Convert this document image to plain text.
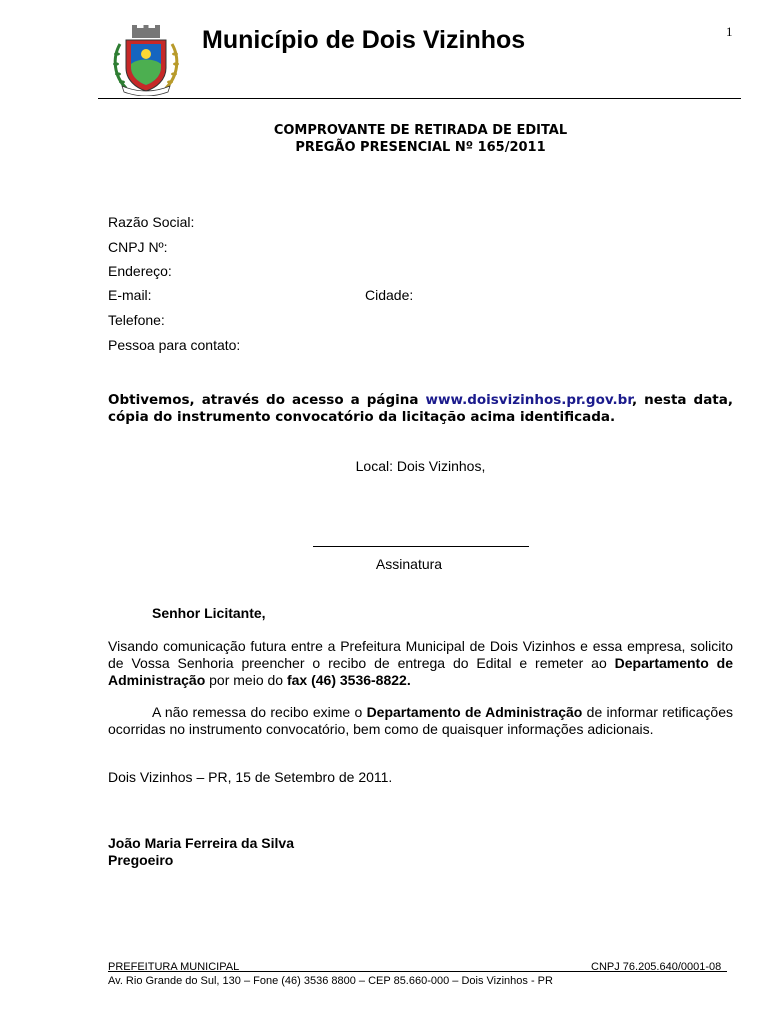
1
Município de Dois Vizinhos
COMPROVANTE DE RETIRADA DE EDITAL
PREGÃO PRESENCIAL Nº 165/2011
Razão Social:
CNPJ Nº:
Endereço:
E-mail:	Cidade:
Telefone:
Pessoa para contato:
Obtivemos, através do acesso a página www.doisvizinhos.pr.gov.br, nesta data, cópia do instrumento convocatório da licitação acima identificada.
Local: Dois Vizinhos,
Assinatura
Senhor Licitante,
Visando comunicação futura entre a Prefeitura Municipal de Dois Vizinhos e essa empresa, solicito de Vossa Senhoria preencher o recibo de entrega do Edital e remeter ao Departamento de Administração por meio do fax (46) 3536-8822.
A não remessa do recibo exime o Departamento de Administração de informar retificações ocorridas no instrumento convocatório, bem como de quaisquer informações adicionais.
Dois Vizinhos – PR, 15 de Setembro de 2011.
João Maria Ferreira da Silva
Pregoeiro
PREFEITURA MUNICIPAL	CNPJ 76.205.640/0001-08
Av. Rio Grande do Sul, 130 – Fone (46) 3536 8800 – CEP 85.660-000 – Dois Vizinhos - PR
